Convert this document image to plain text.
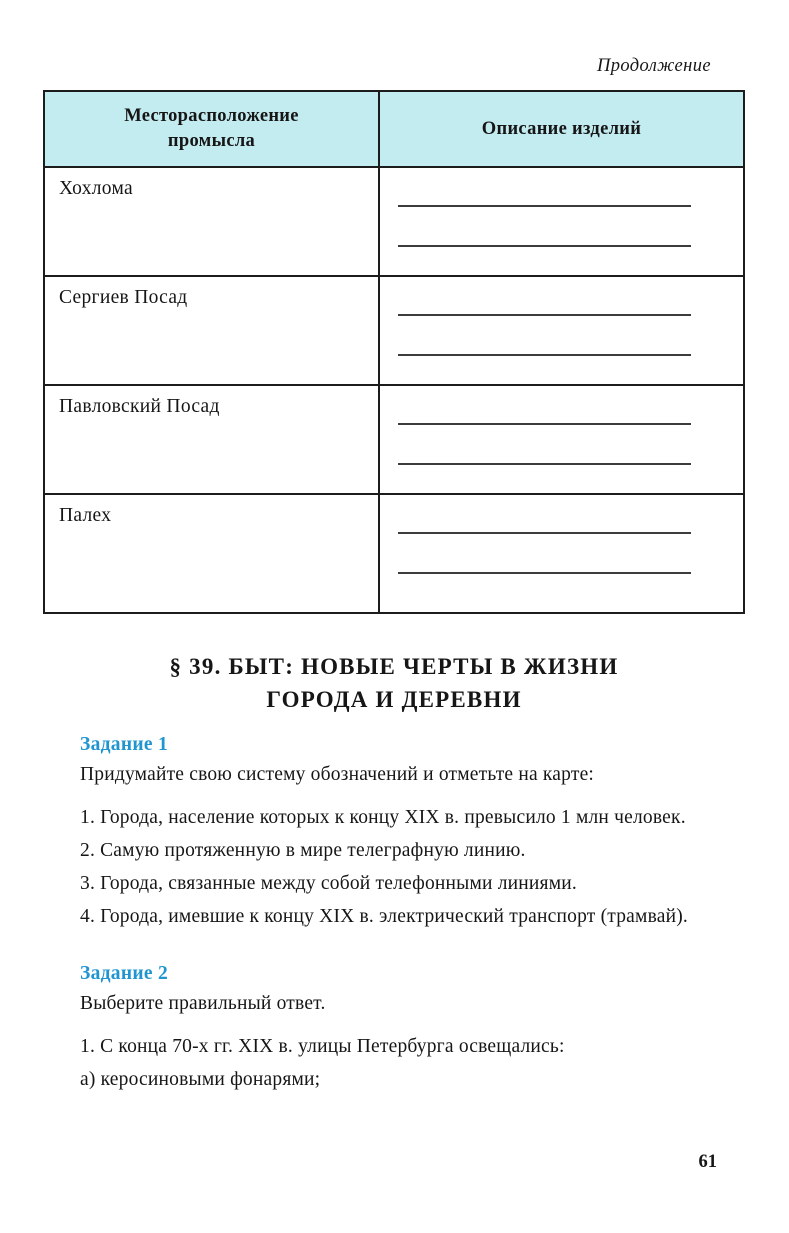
Продолжение
Месторасположение промысла	Описание изделий
Хохлома	

Сергиев Посад	

Павловский Посад	

Палех	
§ 39. БЫТ: НОВЫЕ ЧЕРТЫ В ЖИЗНИ
ГОРОДА И ДЕРЕВНИ
Задание 1

Придумайте свою систему обозначений и отметьте на карте:

1. Города, население которых к концу XIX в. превысило 1 млн человек.

2. Самую протяженную в мире телеграфную линию.

3. Города, связанные между собой телефонными линиями.

4. Города, имевшие к концу XIX в. электрический транспорт (трамвай).

Задание 2

Выберите правильный ответ.

1. С конца 70-х гг. XIX в. улицы Петербурга освещались:

а) керосиновыми фонарями;

61
